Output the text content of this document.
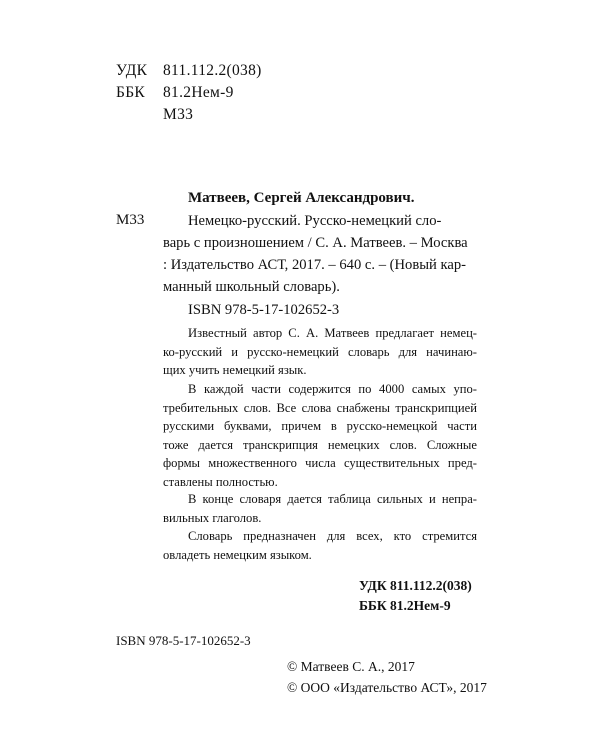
УДК 811.112.2(038)
ББК 81.2Нем-9
М33
Матвеев, Сергей Александрович.
М33	Немецко-русский. Русско-немецкий сло-
варь с произношением / С. А. Матвеев. – Москва
: Издательство АСТ, 2017. – 640 с. – (Новый кар-
манный школьный словарь).
ISBN 978-5-17-102652-3
Известный автор С. А. Матвеев предлагает немец-
ко-русский и русско-немецкий словарь для начинаю-
щих учить немецкий язык.
В каждой части содержится по 4000 самых упо-
требительных слов. Все слова снабжены транскрипцией
русскими буквами, причем в русско-немецкой части
тоже дается транскрипция немецких слов. Сложные
формы множественного числа существительных пред-
ставлены полностью.
В конце словаря дается таблица сильных и непра-
вильных глаголов.
Словарь предназначен для всех, кто стремится
овладеть немецким языком.
УДК 811.112.2(038)
ББК 81.2Нем-9
ISBN 978-5-17-102652-3
© Матвеев С. А., 2017
© ООО «Издательство АСТ», 2017
